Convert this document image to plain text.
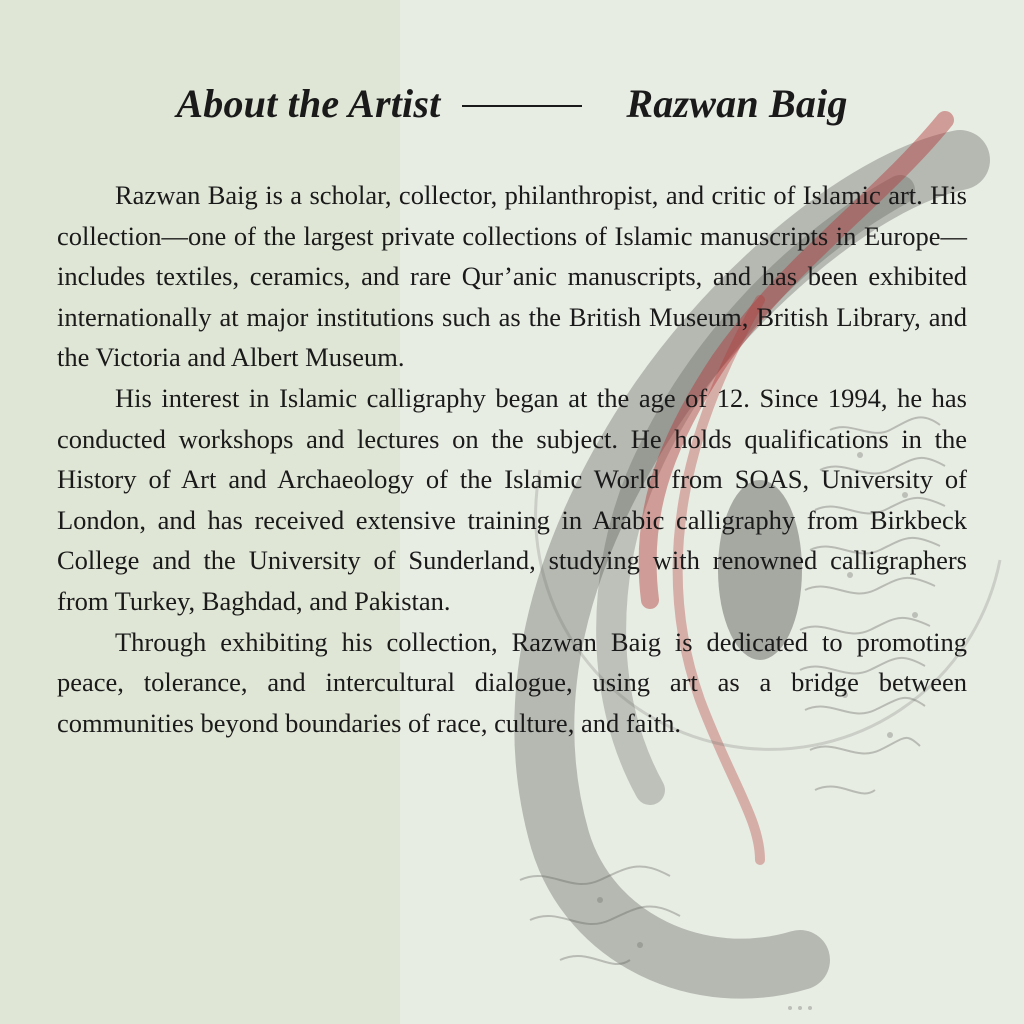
About the Artist	Razwan Baig

Razwan Baig is a scholar, collector, philanthropist, and critic of Islamic art. His collection—one of the largest private collections of Islamic manuscripts in Europe—includes textiles, ceramics, and rare Qur’anic manuscripts, and has been exhibited internationally at major institutions such as the British Museum, British Library, and the Victoria and Albert Museum.

His interest in Islamic calligraphy began at the age of 12. Since 1994, he has conducted workshops and lectures on the subject. He holds qualifications in the History of Art and Archaeology of the Islamic World from SOAS, University of London, and has received extensive training in Arabic calligraphy from Birkbeck College and the University of Sunderland, studying with renowned calligraphers from Turkey, Baghdad, and Pakistan.

Through exhibiting his collection, Razwan Baig is dedicated to promoting peace, tolerance, and intercultural dialogue, using art as a bridge between communities beyond boundaries of race, culture, and faith.
